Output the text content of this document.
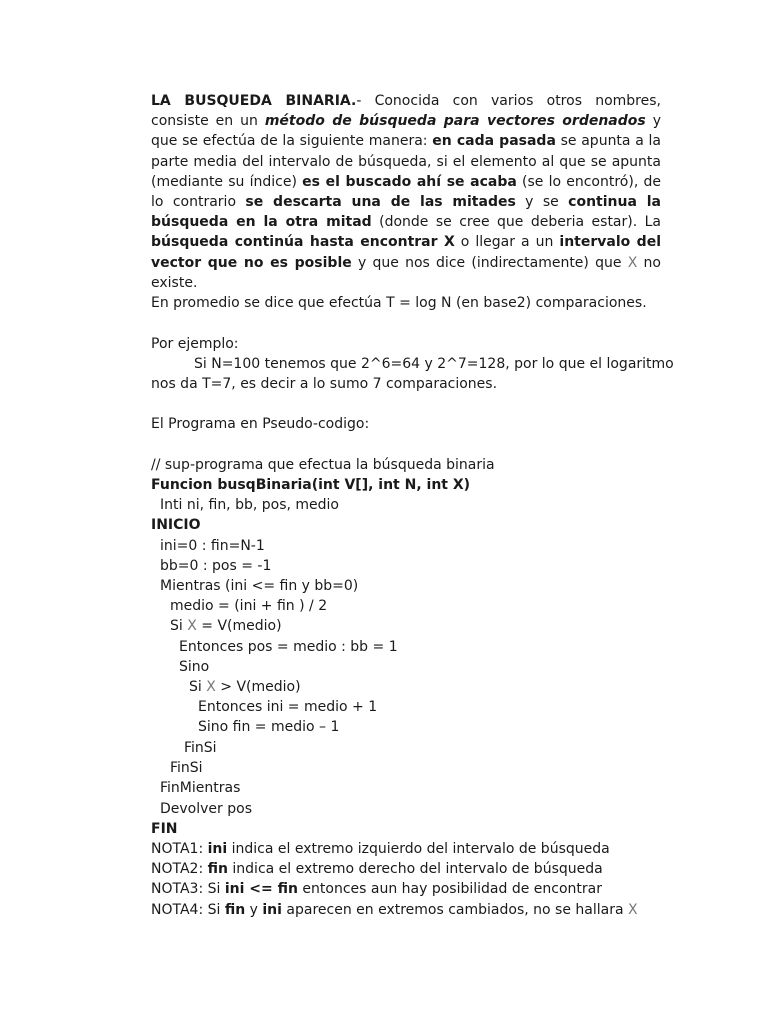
LA BUSQUEDA BINARIA.- Conocida con varios otros nombres, consiste en un método de búsqueda para vectores ordenados y que se efectúa de la siguiente manera: en cada pasada se apunta a la parte media del intervalo de búsqueda, si el elemento al que se apunta (mediante su índice) es el buscado ahí se acaba (se lo encontró), de lo contrario se descarta una de las mitades y se continua la búsqueda en la otra mitad (donde se cree que deberia estar). La búsqueda continúa hasta encontrar X o llegar a un intervalo del vector que no es posible y que nos dice (indirectamente) que X no existe.

En promedio se dice que efectúa T = log N (en base2) comparaciones.

Por ejemplo:

Si N=100 tenemos que 2^6=64 y 2^7=128, por lo que el logaritmo

nos da T=7, es decir a lo sumo 7 comparaciones.

El Programa en Pseudo-codigo:

// sup-programa que efectua la búsqueda binaria

Funcion busqBinaria(int V[], int N, int X)

Inti ni, fin, bb, pos, medio

INICIO

ini=0 : fin=N-1

bb=0 : pos = -1

Mientras (ini <= fin y bb=0)

medio = (ini + fin ) / 2

Si X = V(medio)

Entonces pos = medio : bb = 1

Sino

Si X > V(medio)

Entonces ini = medio + 1

Sino fin = medio – 1

FinSi

FinSi

FinMientras

Devolver pos

FIN

NOTA1: ini indica el extremo izquierdo del intervalo de búsqueda

NOTA2: fin indica el extremo derecho del intervalo de búsqueda

NOTA3: Si ini <= fin entonces aun hay posibilidad de encontrar

NOTA4: Si fin y ini aparecen en extremos cambiados, no se hallara X
